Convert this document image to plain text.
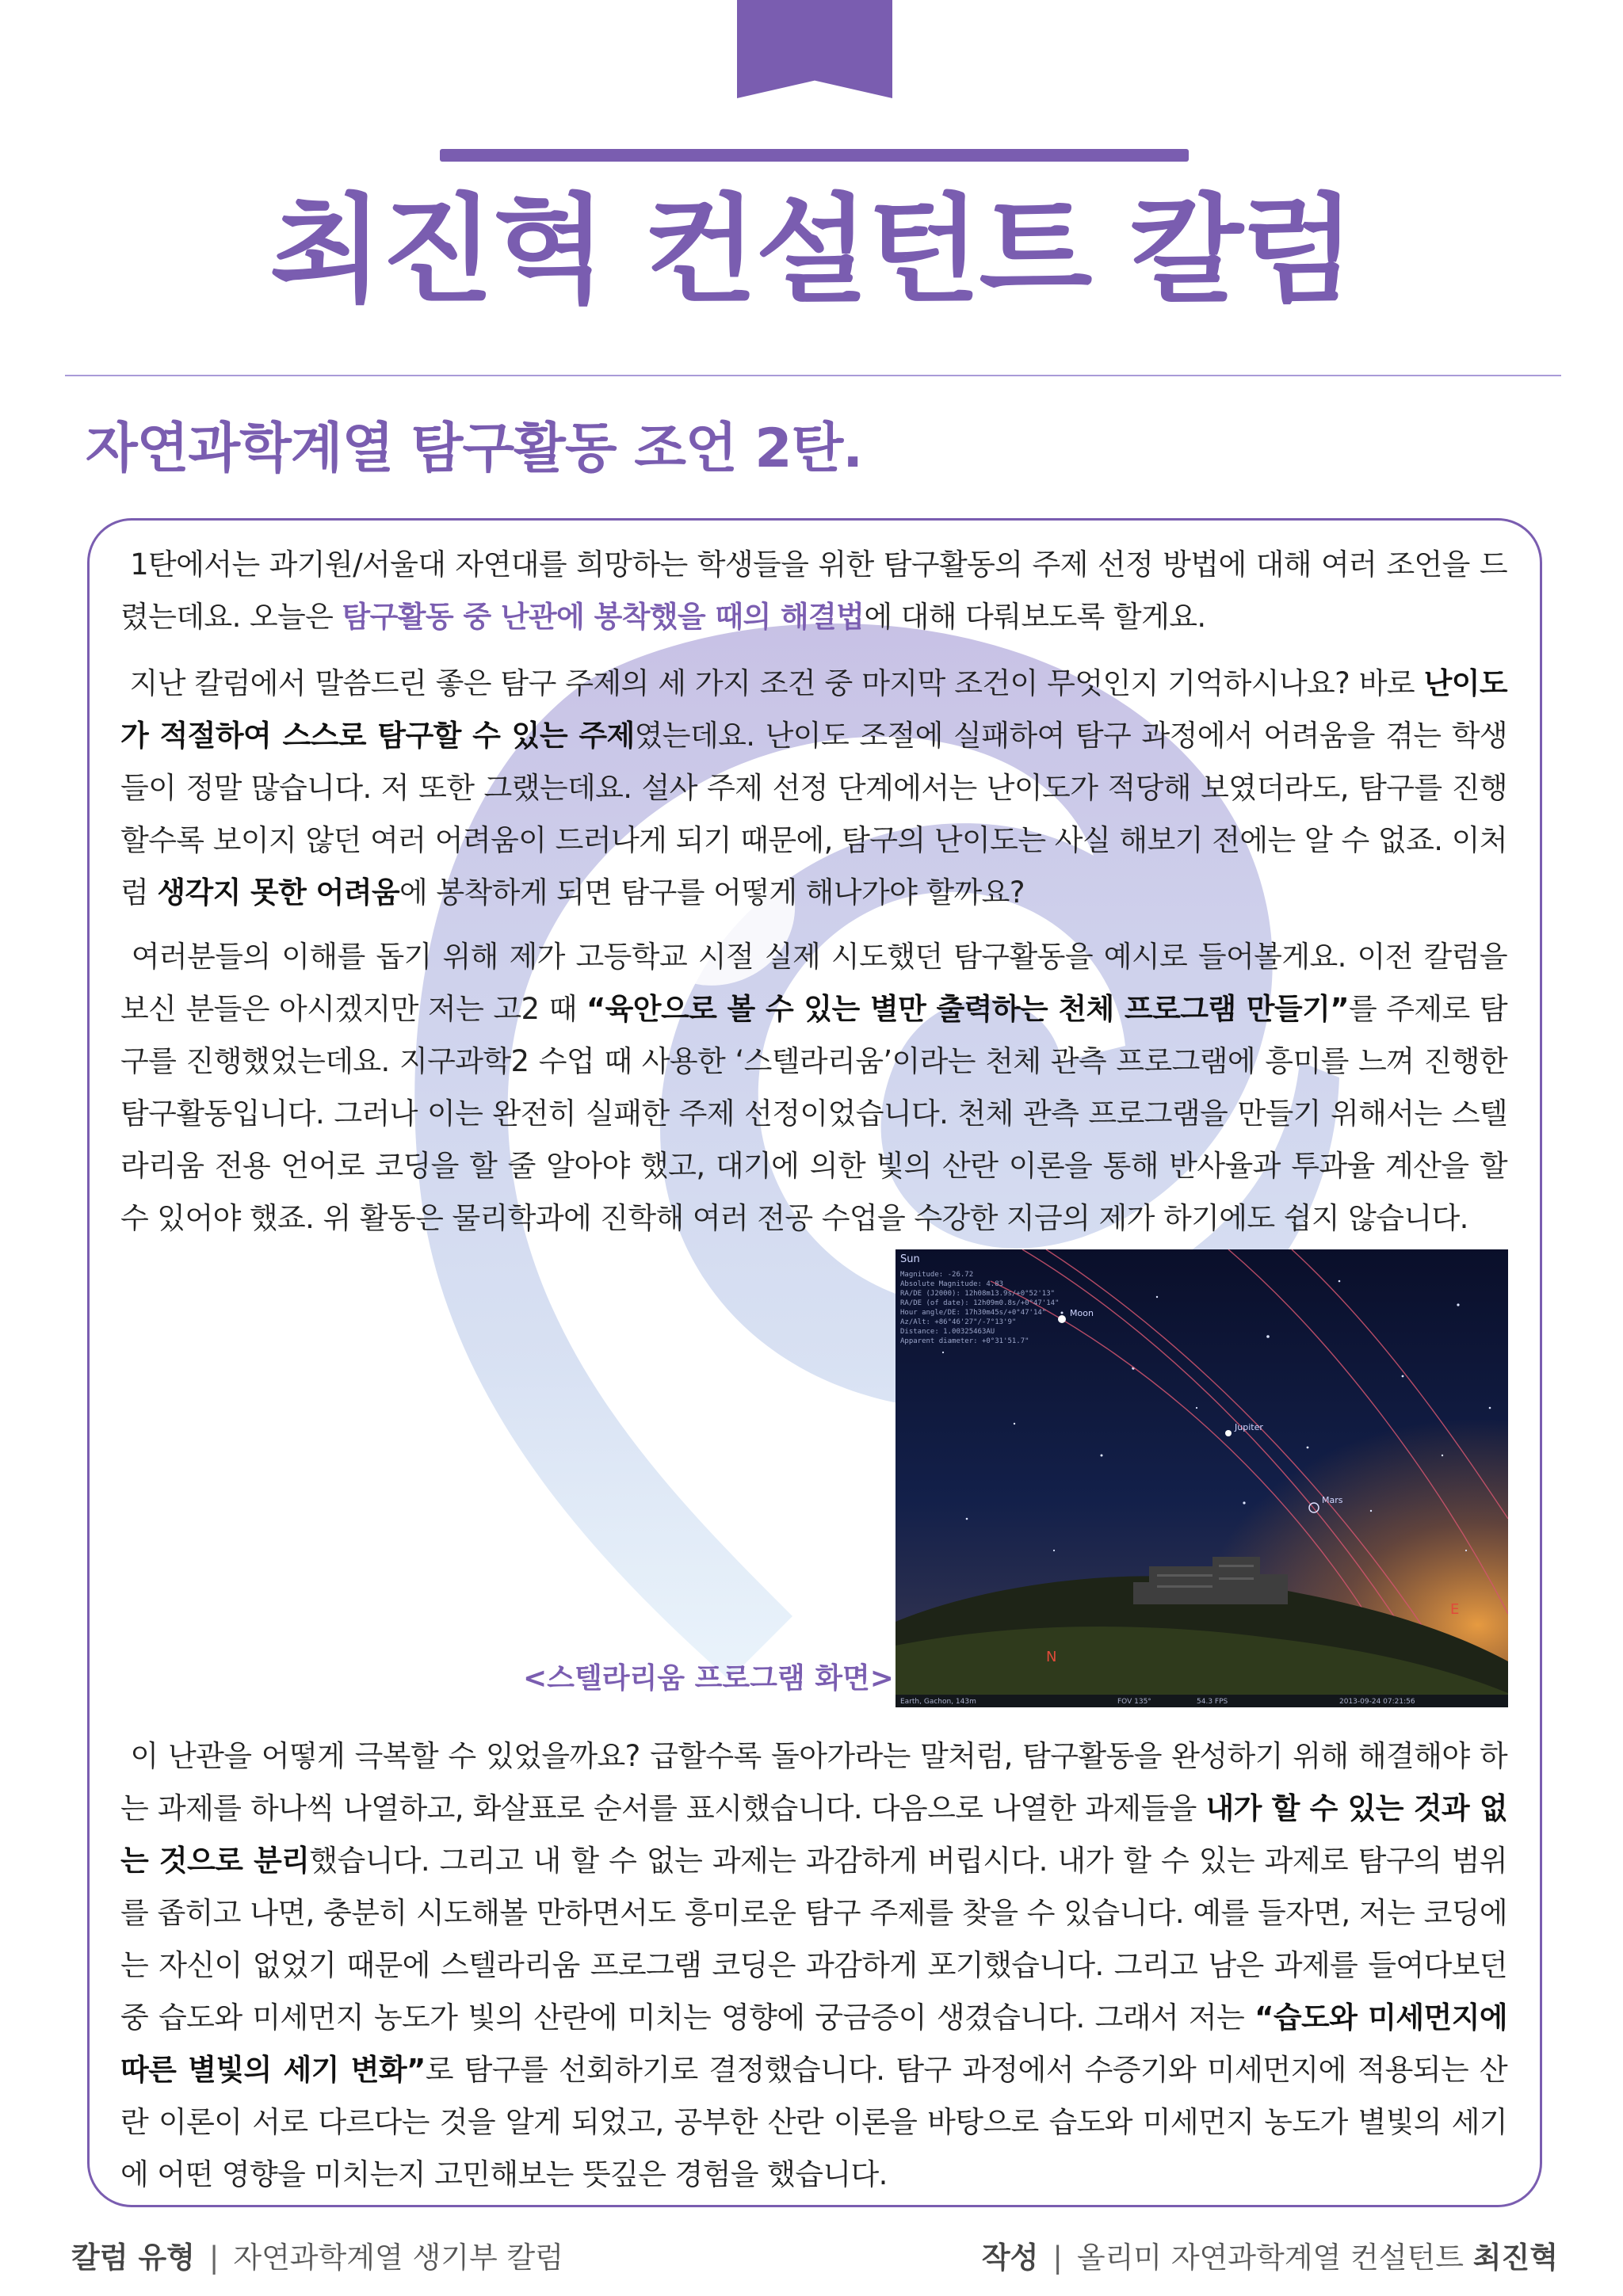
최진혁 컨설턴트 칼럼
자연과학계열 탐구활동 조언 2탄.
1탄에서는 과기원/서울대 자연대를 희망하는 학생들을 위한 탐구활동의 주제 선정 방법에 대해 여러 조언을 드렸는데요. 오늘은 탐구활동 중 난관에 봉착했을 때의 해결법에 대해 다뤄보도록 할게요.
지난 칼럼에서 말씀드린 좋은 탐구 주제의 세 가지 조건 중 마지막 조건이 무엇인지 기억하시나요? 바로 난이도가 적절하여 스스로 탐구할 수 있는 주제였는데요. 난이도 조절에 실패하여 탐구 과정에서 어려움을 겪는 학생들이 정말 많습니다. 저 또한 그랬는데요. 설사 주제 선정 단계에서는 난이도가 적당해 보였더라도, 탐구를 진행할수록 보이지 않던 여러 어려움이 드러나게 되기 때문에, 탐구의 난이도는 사실 해보기 전에는 알 수 없죠. 이처럼 생각지 못한 어려움에 봉착하게 되면 탐구를 어떻게 해나가야 할까요?
여러분들의 이해를 돕기 위해 제가 고등학교 시절 실제 시도했던 탐구활동을 예시로 들어볼게요. 이전 칼럼을 보신 분들은 아시겠지만 저는 고2 때 “육안으로 볼 수 있는 별만 출력하는 천체 프로그램 만들기”를 주제로 탐구를 진행했었는데요. 지구과학2 수업 때 사용한 ‘스텔라리움’이라는 천체 관측 프로그램에 흥미를 느껴 진행한 탐구활동입니다. 그러나 이는 완전히 실패한 주제 선정이었습니다. 천체 관측 프로그램을 만들기 위해서는 스텔라리움 전용 언어로 코딩을 할 줄 알아야 했고, 대기에 의한 빛의 산란 이론을 통해 반사율과 투과율 계산을 할 수 있어야 했죠. 위 활동은 물리학과에 진학해 여러 전공 수업을 수강한 지금의 제가 하기에도 쉽지 않습니다.
Moon
Jupiter
Mars
Sun
Magnitude: -26.72
Absolute Magnitude: 4.83
RA/DE (J2000): 12h08m13.9s/+0°52'13"
RA/DE (of date): 12h09m0.8s/+0°47'14"
Hour angle/DE: 17h30m45s/+0°47'14"
Az/Alt: +86°46'27"/-7°13'9"
Distance: 1.00325463AU
Apparent diameter: +0°31'51.7"
N
E
Earth, Gachon, 143m	FOV 135°	54.3 FPS	2013-09-24 07:21:56
<스텔라리움 프로그램 화면>
이 난관을 어떻게 극복할 수 있었을까요? 급할수록 돌아가라는 말처럼, 탐구활동을 완성하기 위해 해결해야 하는 과제를 하나씩 나열하고, 화살표로 순서를 표시했습니다. 다음으로 나열한 과제들을 내가 할 수 있는 것과 없는 것으로 분리했습니다. 그리고 내 할 수 없는 과제는 과감하게 버립시다. 내가 할 수 있는 과제로 탐구의 범위를 좁히고 나면, 충분히 시도해볼 만하면서도 흥미로운 탐구 주제를 찾을 수 있습니다. 예를 들자면, 저는 코딩에는 자신이 없었기 때문에 스텔라리움 프로그램 코딩은 과감하게 포기했습니다. 그리고 남은 과제를 들여다보던 중 습도와 미세먼지 농도가 빛의 산란에 미치는 영향에 궁금증이 생겼습니다. 그래서 저는 “습도와 미세먼지에 따른 별빛의 세기 변화”로 탐구를 선회하기로 결정했습니다. 탐구 과정에서 수증기와 미세먼지에 적용되는 산란 이론이 서로 다르다는 것을 알게 되었고, 공부한 산란 이론을 바탕으로 습도와 미세먼지 농도가 별빛의 세기에 어떤 영향을 미치는지 고민해보는 뜻깊은 경험을 했습니다.
칼럼 유형 | 자연과학계열 생기부 칼럼	작성 | 올리미 자연과학계열 컨설턴트 최진혁
